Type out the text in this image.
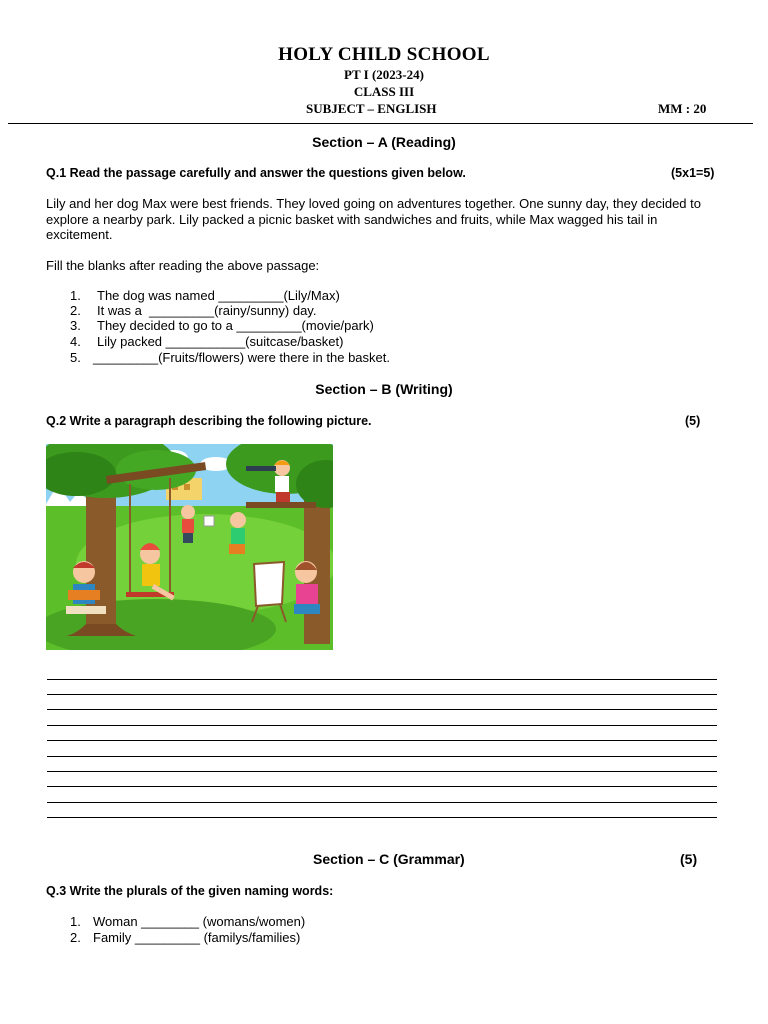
HOLY CHILD SCHOOL
PT I (2023-24)
CLASS III
SUBJECT – ENGLISH	MM : 20
Section – A (Reading)
Q.1 Read the passage carefully and answer the questions given below.	(5x1=5)
Lily and her dog Max were best friends. They loved going on adventures together. One sunny day, they decided to explore a nearby park. Lily packed a picnic basket with sandwiches and fruits, while Max wagged his tail in excitement.
Fill the blanks after reading the above passage:
1. The dog was named _________(Lily/Max)
2. It was a  _________(rainy/sunny) day.
3. They decided to go to a _________(movie/park)
4. Lily packed ___________(suitcase/basket)
5. _________(Fruits/flowers) were there in the basket.
Section – B (Writing)
Q.2 Write a paragraph describing the following picture.	(5)
Section – C (Grammar)	(5)
Q.3 Write the plurals of the given naming words:
1. Woman ________ (womans/women)
2. Family _________ (familys/families)
